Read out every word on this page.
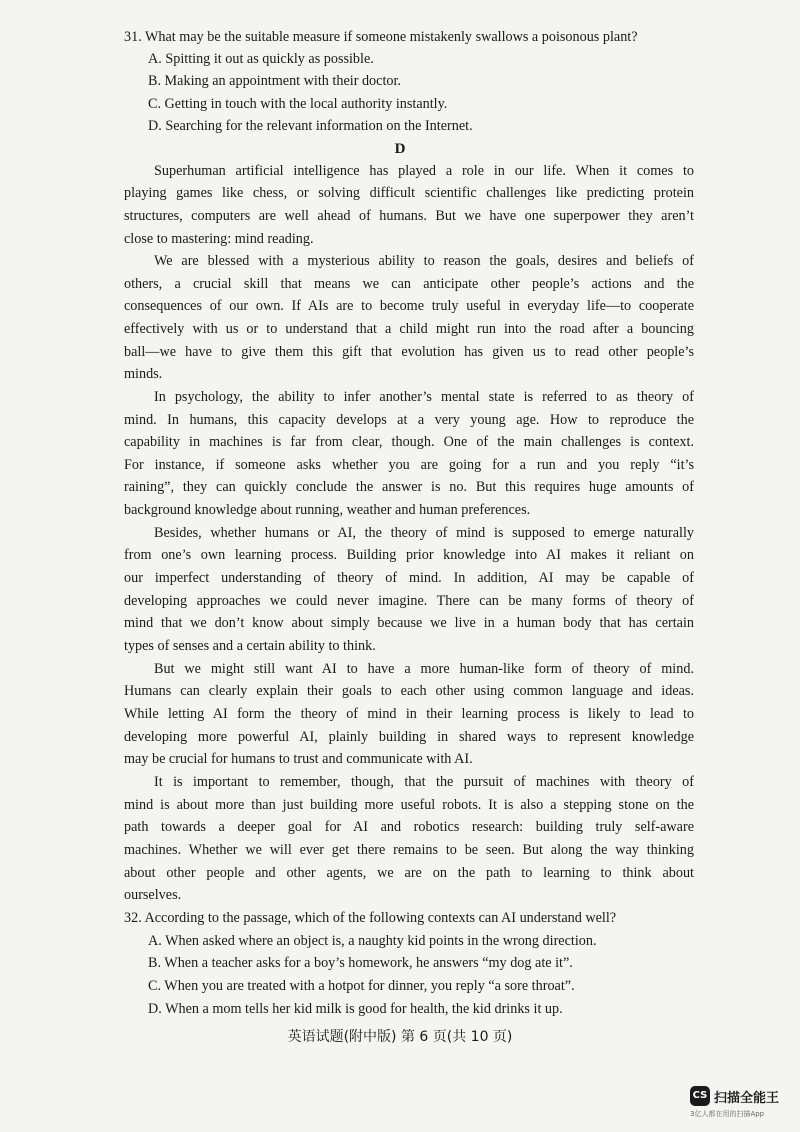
31. What may be the suitable measure if someone mistakenly swallows a poisonous plant?
A. Spitting it out as quickly as possible.
B. Making an appointment with their doctor.
C. Getting in touch with the local authority instantly.
D. Searching for the relevant information on the Internet.
D
Superhuman artificial intelligence has played a role in our life. When it comes to
playing games like chess, or solving difficult scientific challenges like predicting protein
structures, computers are well ahead of humans. But we have one superpower they aren’t
close to mastering: mind reading.
We are blessed with a mysterious ability to reason the goals, desires and beliefs of
others, a crucial skill that means we can anticipate other people’s actions and the
consequences of our own. If AIs are to become truly useful in everyday life—to cooperate
effectively with us or to understand that a child might run into the road after a bouncing
ball—we have to give them this gift that evolution has given us to read other people’s
minds.
In psychology, the ability to infer another’s mental state is referred to as theory of
mind. In humans, this capacity develops at a very young age. How to reproduce the
capability in machines is far from clear, though. One of the main challenges is context.
For instance, if someone asks whether you are going for a run and you reply “it’s
raining”, they can quickly conclude the answer is no. But this requires huge amounts of
background knowledge about running, weather and human preferences.
Besides, whether humans or AI, the theory of mind is supposed to emerge naturally
from one’s own learning process. Building prior knowledge into AI makes it reliant on
our imperfect understanding of theory of mind. In addition, AI may be capable of
developing approaches we could never imagine. There can be many forms of theory of
mind that we don’t know about simply because we live in a human body that has certain
types of senses and a certain ability to think.
But we might still want AI to have a more human-like form of theory of mind.
Humans can clearly explain their goals to each other using common language and ideas.
While letting AI form the theory of mind in their learning process is likely to lead to
developing more powerful AI, plainly building in shared ways to represent knowledge
may be crucial for humans to trust and communicate with AI.
It is important to remember, though, that the pursuit of machines with theory of
mind is about more than just building more useful robots. It is also a stepping stone on the
path towards a deeper goal for AI and robotics research: building truly self-aware
machines. Whether we will ever get there remains to be seen. But along the way thinking
about other people and other agents, we are on the path to learning to think about
ourselves.
32. According to the passage, which of the following contexts can AI understand well?
A. When asked where an object is, a naughty kid points in the wrong direction.
B. When a teacher asks for a boy’s homework, he answers “my dog ate it”.
C. When you are treated with a hotpot for dinner, you reply “a sore throat”.
D. When a mom tells her kid milk is good for health, the kid drinks it up.
英语试题(附中版) 第 6 页(共 10 页)
CS 扫描全能王
3亿人都在用的扫描App
